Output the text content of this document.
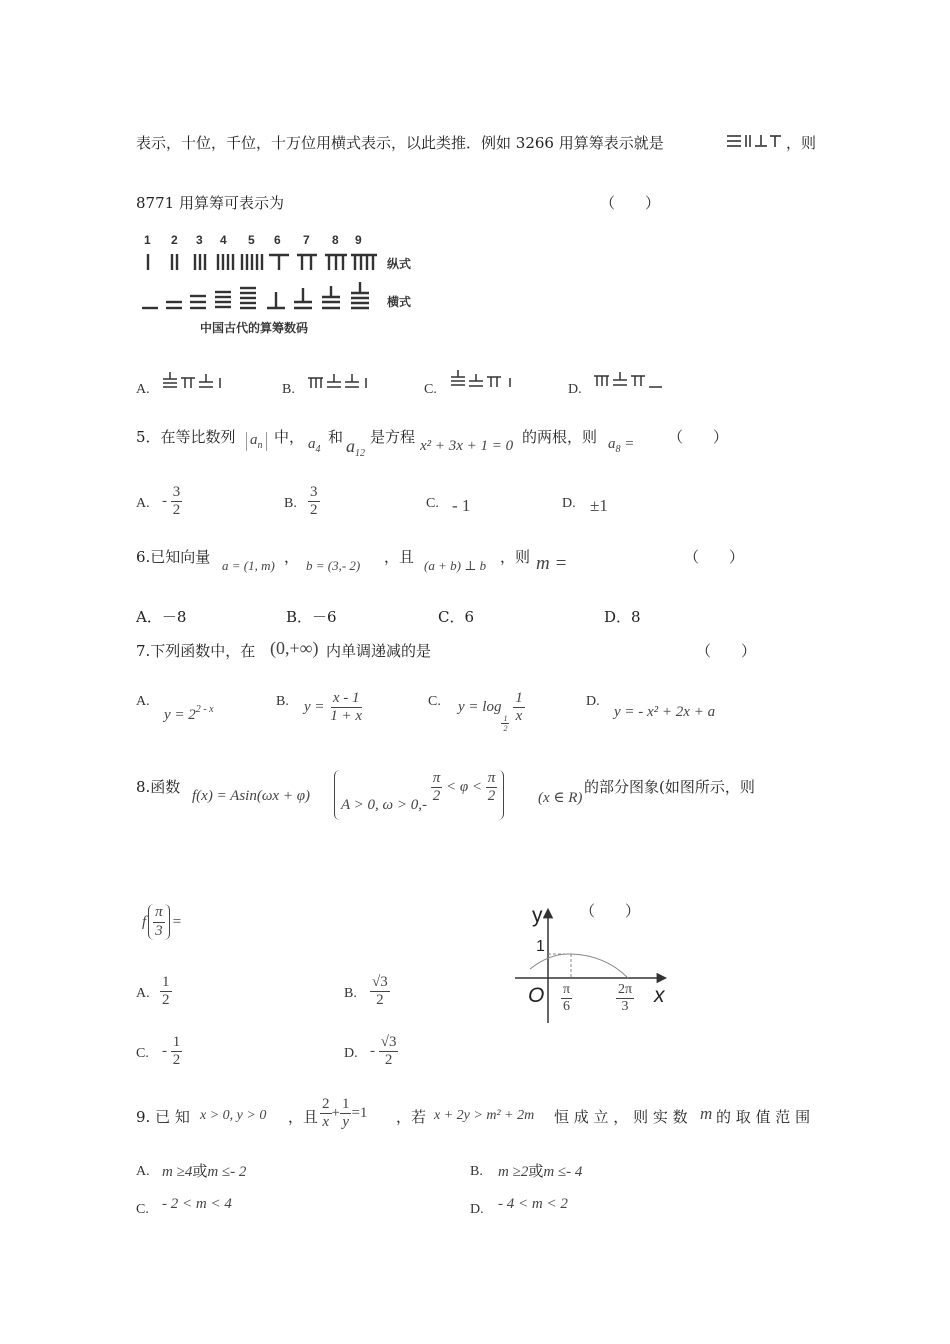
表示，十位，千位，十万位用横式表示，以此类推．例如 3266 用算筹表示就是	，则
8771 用算筹可表示为	（　　）
1 2 3 4 5 6 7 8 9
纵式
横式
中国古代的算筹数码
A.	B.	C.	D.
5．在等比数列 $a_n$ 中， $a_4$
和 $a_{12}$
是方程 x² + 3x + 1 = 0 的两根，则 $a_8$ = （　　）
A. - $\frac{3}{2}$	B. $\frac{3}{2}$	C. - 1	D. ±1
6.已知向量 a = (1, m) ， b = (3,- 2) ，且 (a + b) ⊥ b ，则 m =	（　　）
A．－8	B．－6	C．6	D．8
7.下列函数中，在 (0,+∞) 内单调递减的是	（　　）
A.
$y = 2^{2 - x}$
B. $y = \frac{x - 1}{1 + x}$	C. y = log
$\frac{1}{2}$
$\frac{1}{x}$	D.
y = - x² + 2x + a
8.函数 f(x) = Asin(ωx + φ)
A > 0, $\omega > 0,- \frac{\pi}{2} < \varphi < \frac{\pi}{2}$	(x ∈ R)
的部分图象(如图所示，则
f $\frac{\pi}{3}$ =	y
1
O	x
$\frac{\pi}{6}$	$\frac{2\pi}{3}$
（　　）
A. $\frac{1}{2}$	B. $\frac{√3}{2}$
C. - $\frac{1}{2}$	D. - $\frac{√3}{2}$
9. 已 知 x > 0, y > 0 ，且 $\frac{2}{x} + \frac{1}{y} =1$ ，若 x + 2y > m² + 2m 恒 成 立 ， 则 实 数 m 的 取 值 范 围
A. m ≥4或m ≤- 2	B. m ≥2或m ≤- 4
C. - 2 < m < 4	D. - 4 < m < 2
